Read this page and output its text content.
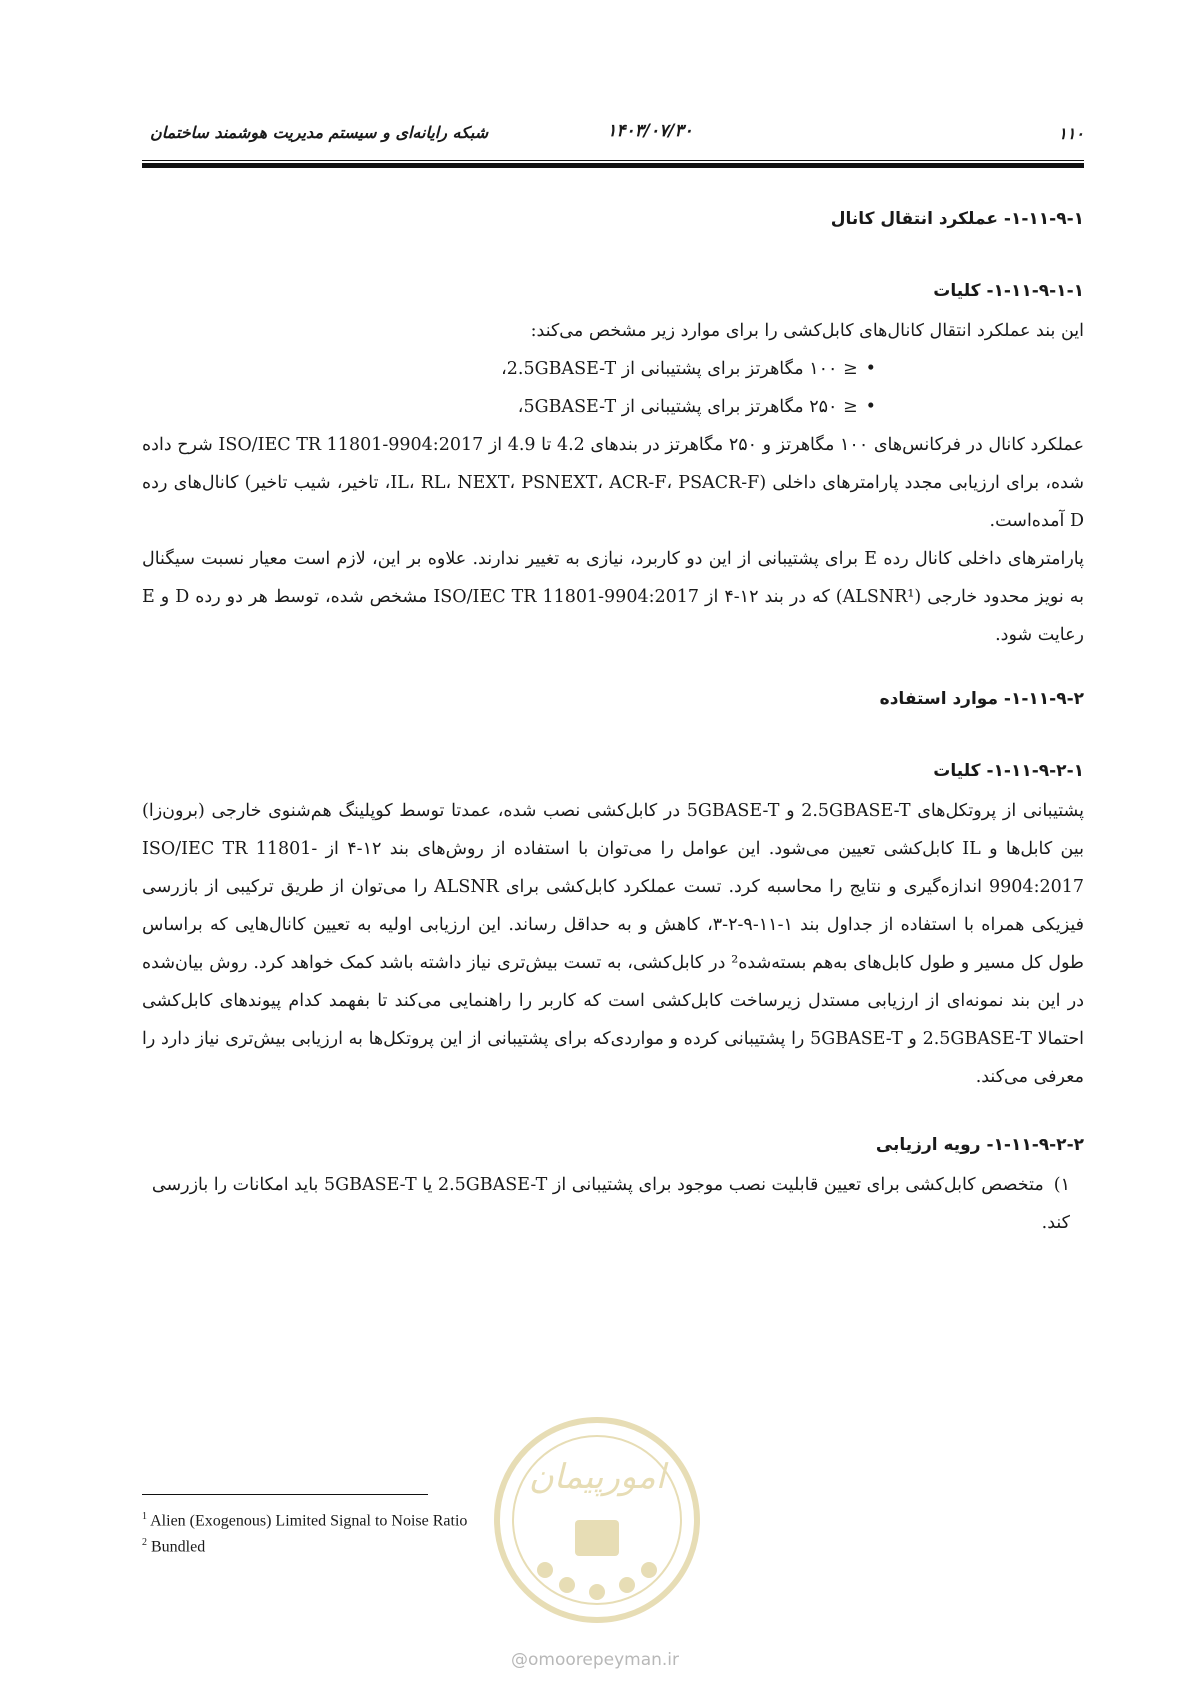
۱۱۰
۱۴۰۳/۰۷/۳۰
شبکه رایانه‌ای و سیستم مدیریت هوشمند ساختمان
۱-۱۱-۹-۱- عملکرد انتقال کانال
۱-۱۱-۹-۱-۱- کلیات

این بند عملکرد انتقال کانال‌های کابل‌کشی را برای موارد زیر مشخص می‌کند:

• ≤ ۱۰۰ مگاهرتز برای پشتیبانی از 2.5GBASE-T،
• ≤ ۲۵۰ مگاهرتز برای پشتیبانی از 5GBASE-T،

عملکرد کانال در فرکانس‌های ۱۰۰ مگاهرتز و ۲۵۰ مگاهرتز در بندهای 4.2 تا 4.9 از ISO/IEC TR 11801-9904:2017 شرح داده شده، برای ارزیابی مجدد پارامترهای داخلی (IL، RL، NEXT، PSNEXT، ACR-F، PSACR-F، تاخیر، شیب تاخیر) کانال‌های رده D آمده‌است.

پارامترهای داخلی کانال رده E برای پشتیبانی از این دو کاربرد، نیازی به تغییر ندارند. علاوه بر این، لازم است معیار نسبت سیگنال به نویز محدود خارجی (ALSNR¹) که در بند ۱۲-۴ از ISO/IEC TR 11801-9904:2017 مشخص شده، توسط هر دو رده D و E رعایت شود.

۱-۱۱-۹-۲- موارد استفاده
۱-۱۱-۹-۲-۱- کلیات

پشتیبانی از پروتکل‌های 2.5GBASE-T و 5GBASE-T در کابل‌کشی نصب شده، عمدتا توسط کوپلینگ هم‌شنوی خارجی (برون‌زا) بین کابل‌ها و IL کابل‌کشی تعیین می‌شود. این عوامل را می‌توان با استفاده از روش‌های بند ۱۲-۴ از ISO/IEC TR 11801-9904:2017 اندازه‌گیری و نتایج را محاسبه کرد. تست عملکرد کابل‌کشی برای ALSNR را می‌توان از طریق ترکیبی از بازرسی فیزیکی همراه با استفاده از جداول بند ۱-۱۱-۹-۲-۳، کاهش و به حداقل رساند. این ارزیابی اولیه به تعیین کانال‌هایی که براساس طول کل مسیر و طول کابل‌های به‌هم بسته‌شده² در کابل‌کشی، به تست بیش‌تری نیاز داشته باشد کمک خواهد کرد. روش بیان‌شده در این بند نمونه‌ای از ارزیابی مستدل زیرساخت کابل‌کشی است که کاربر را راهنمایی می‌کند تا بفهمد کدام پیوندهای کابل‌کشی احتمالا 2.5GBASE-T و 5GBASE-T را پشتیبانی کرده و مواردی‌که برای پشتیبانی از این پروتکل‌ها به ارزیابی بیش‌تری نیاز دارد را معرفی می‌کند.

۱-۱۱-۹-۲-۲- رویه ارزیابی
۱)متخصص کابل‌کشی برای تعیین قابلیت نصب موجود برای پشتیبانی از 2.5GBASE-T یا 5GBASE-T باید امکانات را بازرسی کند.
$^1$ Alien (Exogenous) Limited Signal to Noise Ratio
$^2$ Bundled
امورپیمان
@omoorepeyman.ir
